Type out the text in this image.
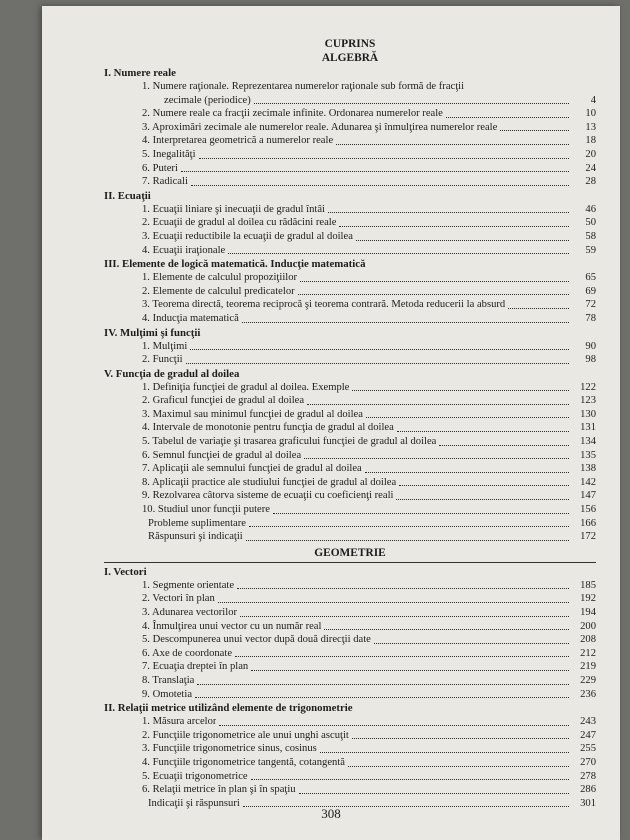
CUPRINS
ALGEBRĂ
I. Numere reale
1. Numere raţionale. Reprezentarea numerelor raţionale sub formă de fracţii
zecimale (periodice)	4
2. Numere reale ca fracţii zecimale infinite. Ordonarea numerelor reale	10
3. Aproximări zecimale ale numerelor reale. Adunarea şi înmulţirea numerelor reale	13
4. Interpretarea geometrică a numerelor reale	18
5. Inegalităţi	20
6. Puteri	24
7. Radicali	28
II. Ecuaţii
1. Ecuaţii liniare şi inecuaţii de gradul întâi	46
2. Ecuaţii de gradul al doilea cu rădăcini reale	50
3. Ecuaţii reductibile la ecuaţii de gradul al doilea	58
4. Ecuaţii iraţionale	59
III. Elemente de logică matematică. Inducţie matematică
1. Elemente de calculul propoziţiilor	65
2. Elemente de calculul predicatelor	69
3. Teorema directă, teorema reciprocă şi teorema contrară. Metoda reducerii la absurd	72
4. Inducţia matematică	78
IV. Mulţimi şi funcţii
1. Mulţimi	90
2. Funcţii	98
V. Funcţia de gradul al doilea
1. Definiţia funcţiei de gradul al doilea. Exemple	122
2. Graficul funcţiei de gradul al doilea	123
3. Maximul sau minimul funcţiei de gradul al doilea	130
4. Intervale de monotonie pentru funcţia de gradul al doilea	131
5. Tabelul de variaţie şi trasarea graficului funcţiei de gradul al doilea	134
6. Semnul funcţiei de gradul al doilea	135
7. Aplicaţii ale semnului funcţiei de gradul al doilea	138
8. Aplicaţii practice ale studiului funcţiei de gradul al doilea	142
9. Rezolvarea câtorva sisteme de ecuaţii cu coeficienţi reali	147
10. Studiul unor funcţii putere	156
Probleme suplimentare	166
Răspunsuri şi indicaţii	172
GEOMETRIE
I. Vectori
1. Segmente orientate	185
2. Vectori în plan	192
3. Adunarea vectorilor	194
4. Înmulţirea unui vector cu un număr real	200
5. Descompunerea unui vector după două direcţii date	208
6. Axe de coordonate	212
7. Ecuaţia dreptei în plan	219
8. Translaţia	229
9. Omotetia	236
II. Relaţii metrice utilizând elemente de trigonometrie
1. Măsura arcelor	243
2. Funcţiile trigonometrice ale unui unghi ascuţit	247
3. Funcţiile trigonometrice sinus, cosinus	255
4. Funcţiile trigonometrice tangentă, cotangentă	270
5. Ecuaţii trigonometrice	278
6. Relaţii metrice în plan şi în spaţiu	286
Indicaţii şi răspunsuri	301
308
